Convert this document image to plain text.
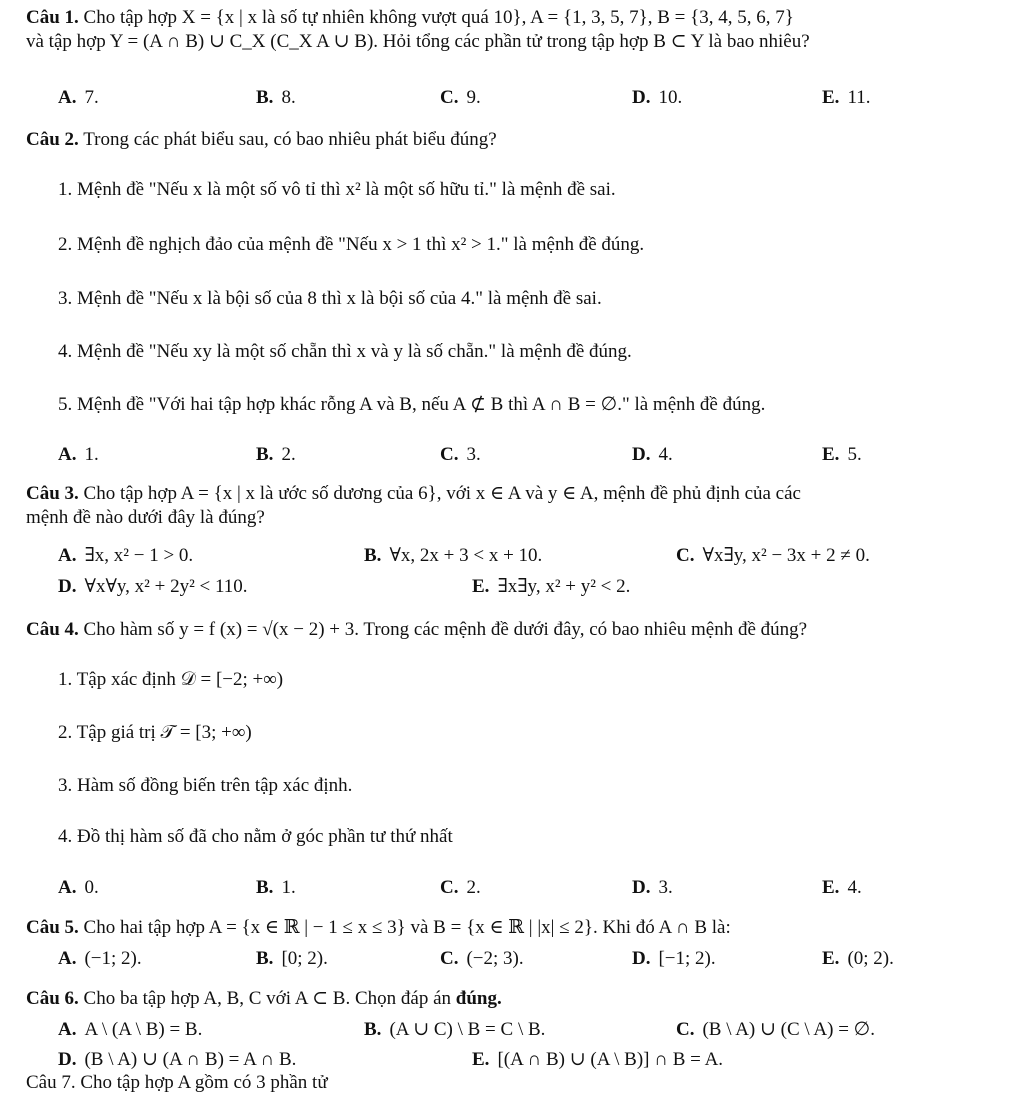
Câu 1. Cho tập hợp X = {x | x là số tự nhiên không vượt quá 10}, A = {1, 3, 5, 7}, B = {3, 4, 5, 6, 7}
và tập hợp Y = (A ∩ B) ∪ C_X (C_X A ∪ B). Hỏi tổng các phần tử trong tập hợp B ⊂ Y là bao nhiêu?
A. 7.	B. 8.	C. 9.	D. 10.	E. 11.
Câu 2. Trong các phát biểu sau, có bao nhiêu phát biểu đúng?
1. Mệnh đề "Nếu x là một số vô tỉ thì x² là một số hữu tỉ." là mệnh đề sai.
2. Mệnh đề nghịch đảo của mệnh đề "Nếu x > 1 thì x² > 1." là mệnh đề đúng.
3. Mệnh đề "Nếu x là bội số của 8 thì x là bội số của 4." là mệnh đề sai.
4. Mệnh đề "Nếu xy là một số chẵn thì x và y là số chẵn." là mệnh đề đúng.
5. Mệnh đề "Với hai tập hợp khác rỗng A và B, nếu A ⊄ B thì A ∩ B = ∅." là mệnh đề đúng.
A. 1.	B. 2.	C. 3.	D. 4.	E. 5.
Câu 3. Cho tập hợp A = {x | x là ước số dương của 6}, với x ∈ A và y ∈ A, mệnh đề phủ định của các
mệnh đề nào dưới đây là đúng?
A. ∃x, x² − 1 > 0.	B. ∀x, 2x + 3 < x + 10.	C. ∀x∃y, x² − 3x + 2 ≠ 0.
D. ∀x∀y, x² + 2y² < 110.	E. ∃x∃y, x² + y² < 2.
Câu 4. Cho hàm số y = f (x) = √(x − 2) + 3. Trong các mệnh đề dưới đây, có bao nhiêu mệnh đề đúng?
1. Tập xác định 𝒟 = [−2; +∞)
2. Tập giá trị 𝒯 = [3; +∞)
3. Hàm số đồng biến trên tập xác định.
4. Đồ thị hàm số đã cho nằm ở góc phần tư thứ nhất
A. 0.	B. 1.	C. 2.	D. 3.	E. 4.
Câu 5. Cho hai tập hợp A = {x ∈ ℝ | − 1 ≤ x ≤ 3} và B = {x ∈ ℝ | |x| ≤ 2}. Khi đó A ∩ B là:
A. (−1; 2).	B. [0; 2).	C. (−2; 3).	D. [−1; 2).	E. (0; 2).
Câu 6. Cho ba tập hợp A, B, C với A ⊂ B. Chọn đáp án đúng.
A. A \ (A \ B) = B.	B. (A ∪ C) \ B = C \ B.	C. (B \ A) ∪ (C \ A) = ∅.
D. (B \ A) ∪ (A ∩ B) = A ∩ B.	E. [(A ∩ B) ∪ (A \ B)] ∩ B = A.
Câu 7. Cho tập hợp A gồm có 3 phần tử
